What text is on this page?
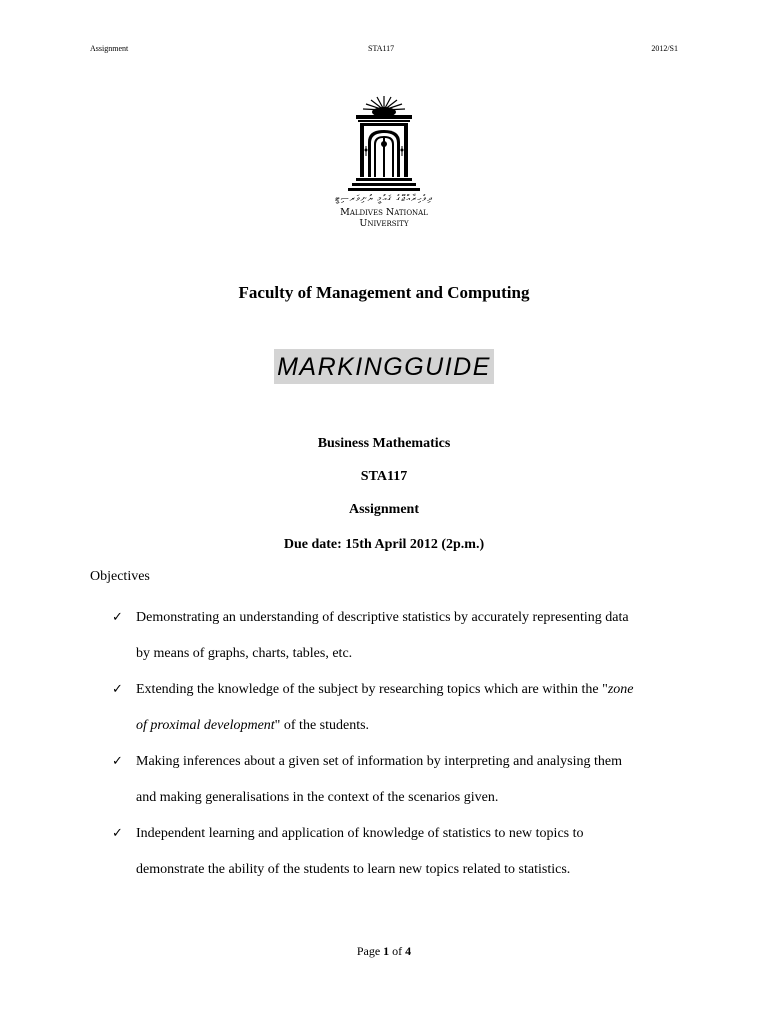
Assignment	STA117	2012/S1
ދިވެހިރާއްޖޭގެ ޤައުމީ ޔުނިވަރސިޓީ
Maldives National
University
Faculty of Management and Computing
MARKINGGUIDE
Business Mathematics
STA117
Assignment
Due date: 15th April 2012 (2p.m.)
Objectives
✓ Demonstrating an understanding of descriptive statistics by accurately representing data
by means of graphs, charts, tables, etc.
✓ Extending the knowledge of the subject by researching topics which are within the "zone
of proximal development" of the students.
✓ Making inferences about a given set of information by interpreting and analysing them
and making generalisations in the context of the scenarios given.
✓ Independent learning and application of knowledge of statistics to new topics to
demonstrate the ability of the students to learn new topics related to statistics.
Page 1 of 4
